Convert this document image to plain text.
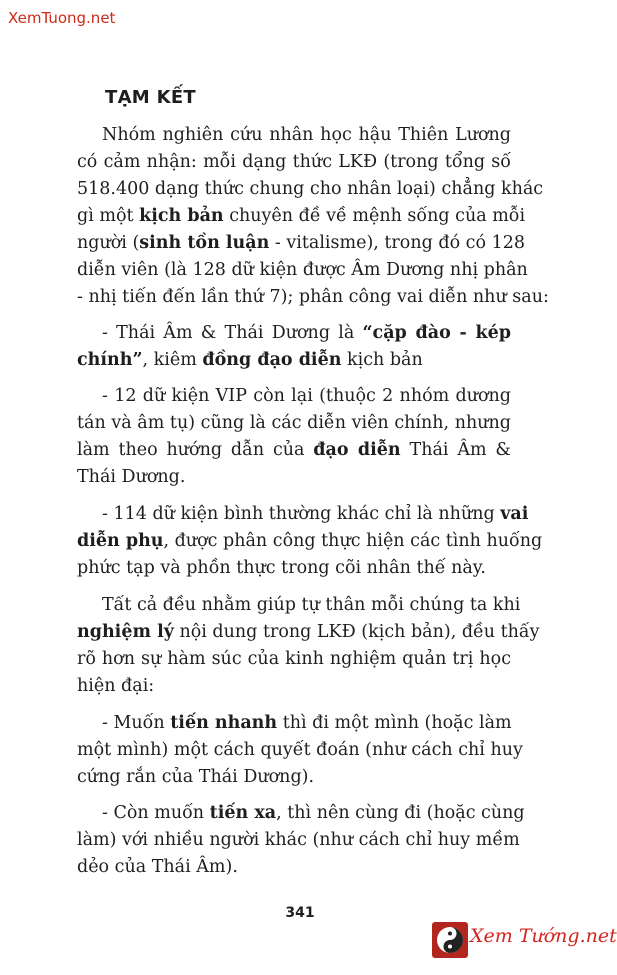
XemTuong.net
TẠM KẾT
Nhóm nghiên cứu nhân học hậu Thiên Lương
có cảm nhận: mỗi dạng thức LKĐ (trong tổng số
518.400 dạng thức chung cho nhân loại) chẳng khác
gì một kịch bản chuyên đề về mệnh sống của mỗi
người (sinh tồn luận - vitalisme), trong đó có 128
diễn viên (là 128 dữ kiện được Âm Dương nhị phân
- nhị tiến đến lần thứ 7); phân công vai diễn như sau:
- Thái Âm & Thái Dương là “cặp đào - kép
chính”, kiêm đồng đạo diễn kịch bản
- 12 dữ kiện VIP còn lại (thuộc 2 nhóm dương
tán và âm tụ) cũng là các diễn viên chính, nhưng
làm theo hướng dẫn của đạo diễn Thái Âm &
Thái Dương.
- 114 dữ kiện bình thường khác chỉ là những vai
diễn phụ, được phân công thực hiện các tình huống
phức tạp và phồn thực trong cõi nhân thế này.
Tất cả đều nhằm giúp tự thân mỗi chúng ta khi
nghiệm lý nội dung trong LKĐ (kịch bản), đều thấy
rõ hơn sự hàm súc của kinh nghiệm quản trị học
hiện đại:
- Muốn tiến nhanh thì đi một mình (hoặc làm
một mình) một cách quyết đoán (như cách chỉ huy
cứng rắn của Thái Dương).
- Còn muốn tiến xa, thì nên cùng đi (hoặc cùng
làm) với nhiều người khác (như cách chỉ huy mềm
dẻo của Thái Âm).
341
Xem Tướng.net
